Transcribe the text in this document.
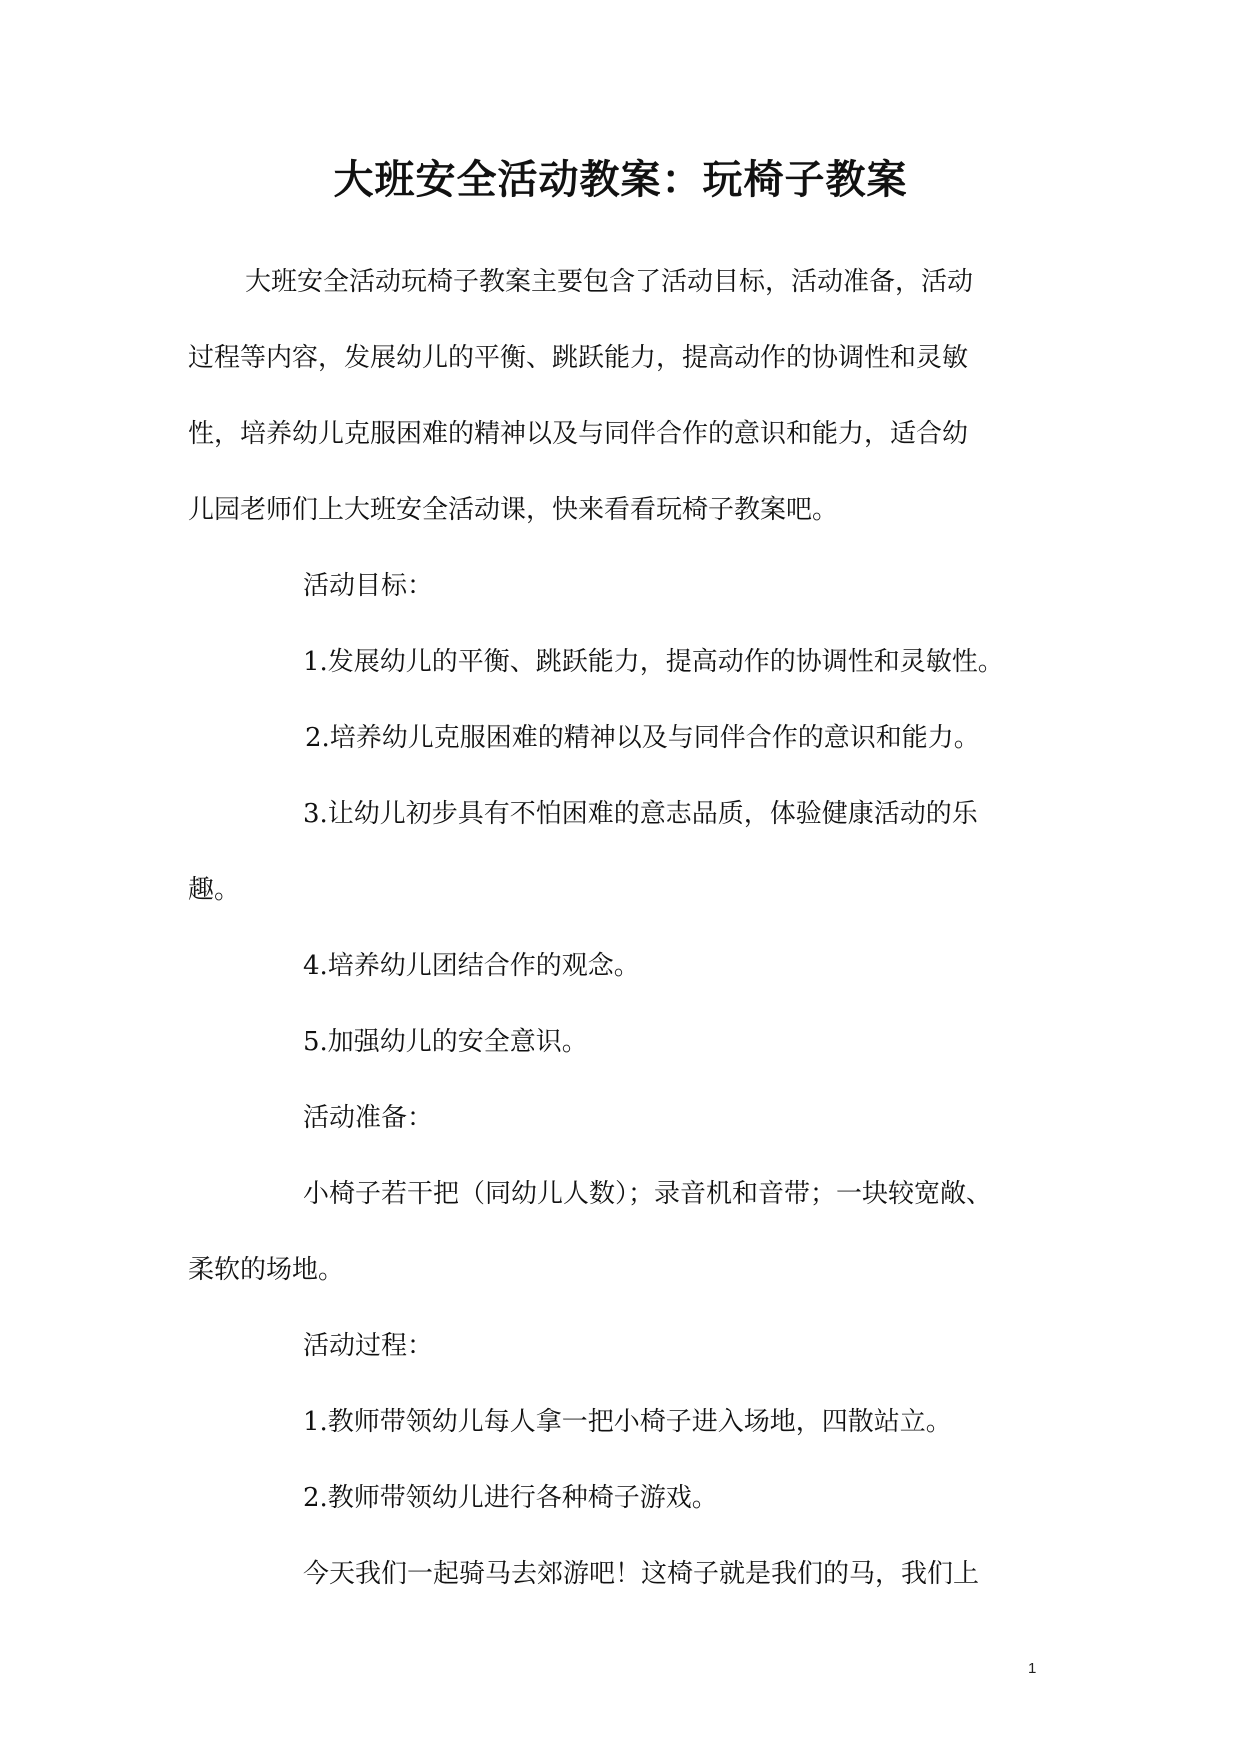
大班安全活动教案：玩椅子教案
大班安全活动玩椅子教案主要包含了活动目标，活动准备，活动
过程等内容，发展幼儿的平衡、跳跃能力，提高动作的协调性和灵敏
性，培养幼儿克服困难的精神以及与同伴合作的意识和能力，适合幼
儿园老师们上大班安全活动课，快来看看玩椅子教案吧。
活动目标：
1.发展幼儿的平衡、跳跃能力，提高动作的协调性和灵敏性。
2.培养幼儿克服困难的精神以及与同伴合作的意识和能力。
3.让幼儿初步具有不怕困难的意志品质，体验健康活动的乐
趣。
4.培养幼儿团结合作的观念。
5.加强幼儿的安全意识。
活动准备：
小椅子若干把（同幼儿人数）；录音机和音带；一块较宽敞、
柔软的场地。
活动过程：
1.教师带领幼儿每人拿一把小椅子进入场地，四散站立。
2.教师带领幼儿进行各种椅子游戏。
今天我们一起骑马去郊游吧！这椅子就是我们的马，我们上
1
